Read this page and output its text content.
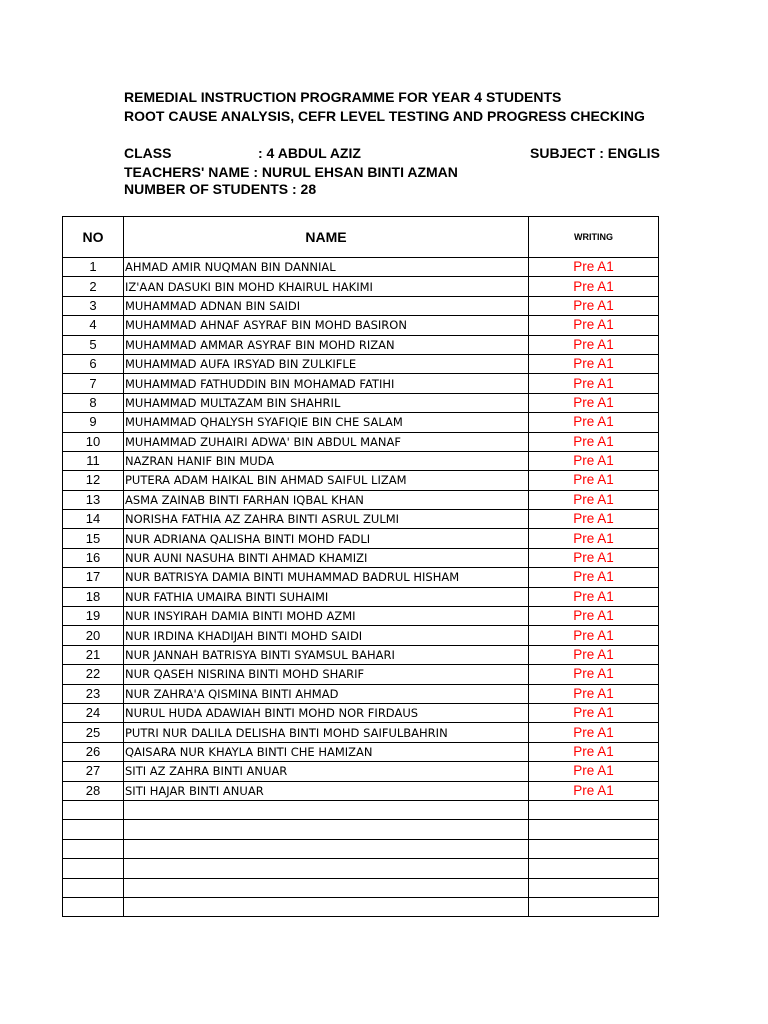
REMEDIAL INSTRUCTION PROGRAMME FOR YEAR 4 STUDENTS
ROOT CAUSE ANALYSIS, CEFR LEVEL TESTING AND PROGRESS CHECKING
CLASS	: 4 ABDUL AZIZ	SUBJECT : ENGLIS
TEACHERS' NAME : NURUL EHSAN BINTI AZMAN
NUMBER OF STUDENTS : 28
NO	NAME	WRITING
1	AHMAD AMIR NUQMAN BIN DANNIAL	Pre A1
2	IZ'AAN DASUKI BIN MOHD KHAIRUL HAKIMI	Pre A1
3	MUHAMMAD ADNAN BIN SAIDI	Pre A1
4	MUHAMMAD AHNAF ASYRAF BIN MOHD BASIRON	Pre A1
5	MUHAMMAD AMMAR ASYRAF BIN MOHD RIZAN	Pre A1
6	MUHAMMAD AUFA IRSYAD BIN ZULKIFLE	Pre A1
7	MUHAMMAD FATHUDDIN BIN MOHAMAD FATIHI	Pre A1
8	MUHAMMAD MULTAZAM BIN SHAHRIL	Pre A1
9	MUHAMMAD QHALYSH SYAFIQIE BIN CHE SALAM	Pre A1
10	MUHAMMAD ZUHAIRI ADWA' BIN ABDUL MANAF	Pre A1
11	NAZRAN HANIF BIN MUDA	Pre A1
12	PUTERA ADAM HAIKAL BIN AHMAD SAIFUL LIZAM	Pre A1
13	ASMA ZAINAB BINTI FARHAN IQBAL KHAN	Pre A1
14	NORISHA FATHIA AZ ZAHRA BINTI ASRUL ZULMI	Pre A1
15	NUR ADRIANA QALISHA BINTI MOHD FADLI	Pre A1
16	NUR AUNI NASUHA BINTI AHMAD KHAMIZI	Pre A1
17	NUR BATRISYA DAMIA BINTI MUHAMMAD BADRUL HISHAM	Pre A1
18	NUR FATHIA UMAIRA BINTI SUHAIMI	Pre A1
19	NUR INSYIRAH DAMIA BINTI MOHD AZMI	Pre A1
20	NUR IRDINA KHADIJAH BINTI MOHD SAIDI	Pre A1
21	NUR JANNAH BATRISYA BINTI SYAMSUL BAHARI	Pre A1
22	NUR QASEH NISRINA BINTI MOHD SHARIF	Pre A1
23	NUR ZAHRA'A QISMINA BINTI AHMAD	Pre A1
24	NURUL HUDA ADAWIAH BINTI MOHD NOR FIRDAUS	Pre A1
25	PUTRI NUR DALILA DELISHA BINTI MOHD SAIFULBAHRIN	Pre A1
26	QAISARA NUR KHAYLA BINTI CHE HAMIZAN	Pre A1
27	SITI AZ ZAHRA BINTI ANUAR	Pre A1
28	SITI HAJAR BINTI ANUAR	Pre A1
